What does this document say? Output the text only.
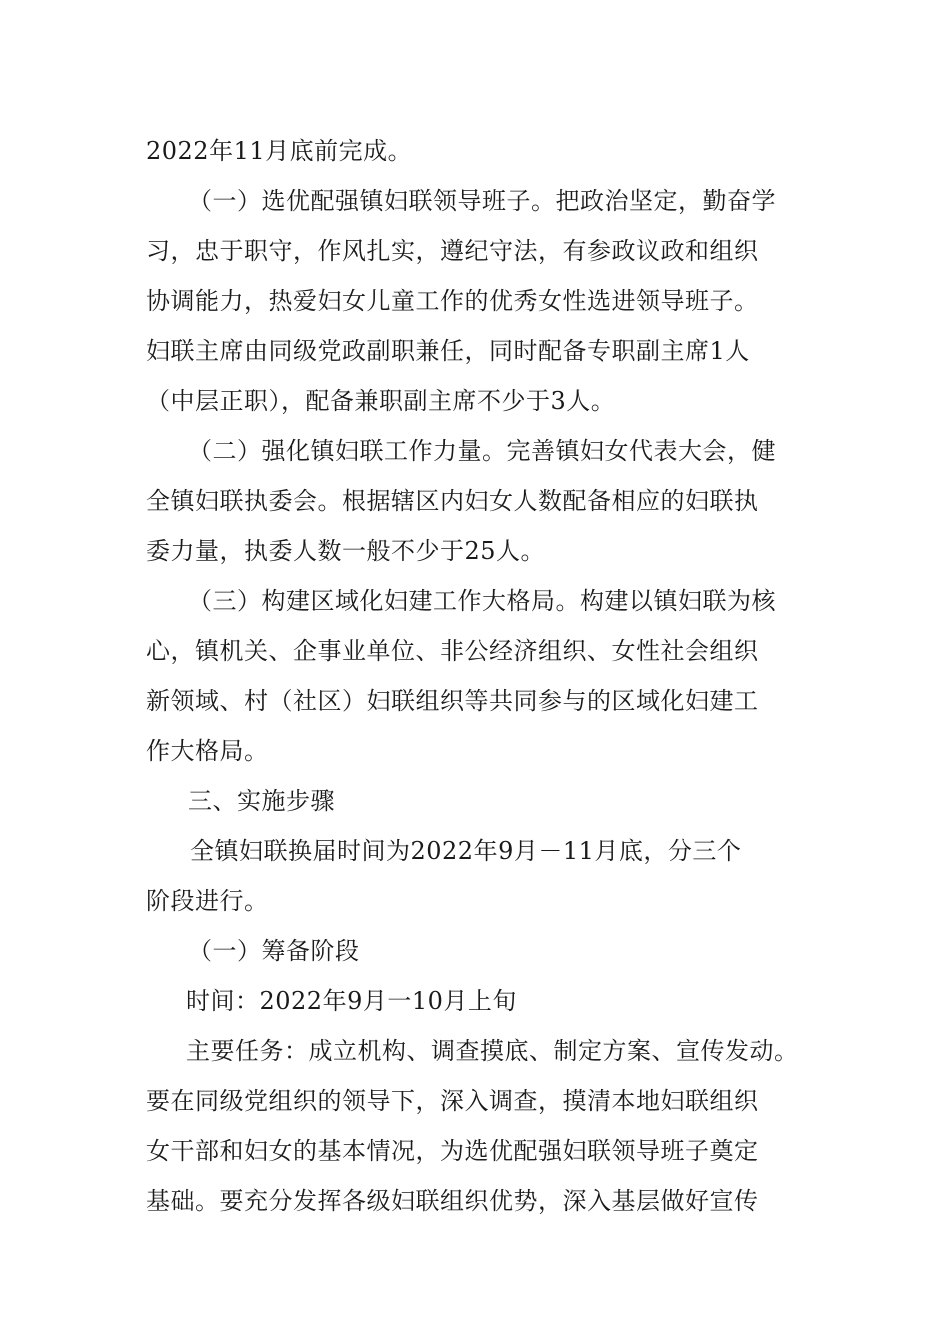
2022年11月底前完成。
（一）选优配强镇妇联领导班子。把政治坚定，勤奋学
习，忠于职守，作风扎实，遵纪守法，有参政议政和组织
协调能力，热爱妇女儿童工作的优秀女性选进领导班子。
妇联主席由同级党政副职兼任，同时配备专职副主席1人
（中层正职），配备兼职副主席不少于3人。
（二）强化镇妇联工作力量。完善镇妇女代表大会，健
全镇妇联执委会。根据辖区内妇女人数配备相应的妇联执
委力量，执委人数一般不少于25人。
（三）构建区域化妇建工作大格局。构建以镇妇联为核
心，镇机关、企事业单位、非公经济组织、女性社会组织
新领域、村（社区）妇联组织等共同参与的区域化妇建工
作大格局。
三、实施步骤
全镇妇联换届时间为2022年9月－11月底，分三个
阶段进行。
（一）筹备阶段
时间：2022年9月一10月上旬
主要任务：成立机构、调查摸底、制定方案、宣传发动。
要在同级党组织的领导下，深入调查，摸清本地妇联组织
女干部和妇女的基本情况，为选优配强妇联领导班子奠定
基础。要充分发挥各级妇联组织优势，深入基层做好宣传
